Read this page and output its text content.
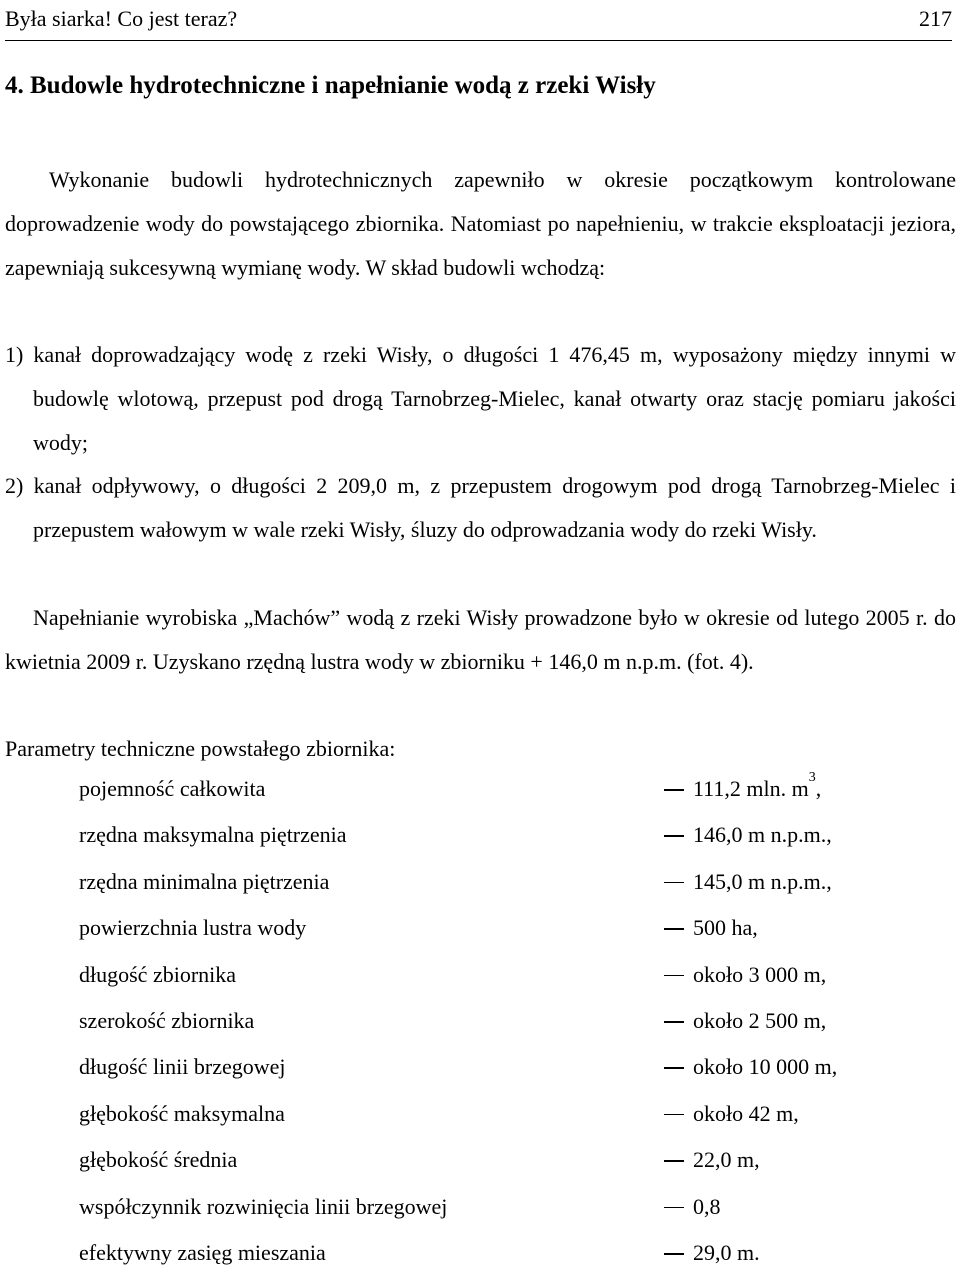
Była siarka! Co jest teraz?	217
4. Budowle hydrotechniczne i napełnianie wodą z rzeki Wisły

Wykonanie budowli hydrotechnicznych zapewniło w okresie początkowym kontrolowane doprowadzenie wody do powstającego zbiornika. Natomiast po napełnieniu, w trakcie eksploatacji jeziora, zapewniają sukcesywną wymianę wody. W skład budowli wchodzą:

1) kanał doprowadzający wodę z rzeki Wisły, o długości 1 476,45 m, wyposażony między innymi w budowlę wlotową, przepust pod drogą Tarnobrzeg-Mielec, kanał otwarty oraz stację pomiaru jakości wody;
2) kanał odpływowy, o długości 2 209,0 m, z przepustem drogowym pod drogą Tarnobrzeg-Mielec i przepustem wałowym w wale rzeki Wisły, śluzy do odprowadzania wody do rzeki Wisły.

Napełnianie wyrobiska „Machów” wodą z rzeki Wisły prowadzone było w okresie od lutego 2005 r. do kwietnia 2009 r. Uzyskano rzędną lustra wody w zbiorniku + 146,0 m n.p.m. (fot. 4).

Parametry techniczne powstałego zbiornika:
pojemność całkowita	111,2 mln. $m^3$,
rzędna maksymalna piętrzenia	146,0 m n.p.m.,
rzędna minimalna piętrzenia	145,0 m n.p.m.,
powierzchnia lustra wody	500 ha,
długość zbiornika	około 3 000 m,
szerokość zbiornika	około 2 500 m,
długość linii brzegowej	około 10 000 m,
głębokość maksymalna	około 42 m,
głębokość średnia	22,0 m,
współczynnik rozwinięcia linii brzegowej	0,8
efektywny zasięg mieszania	29,0 m.
